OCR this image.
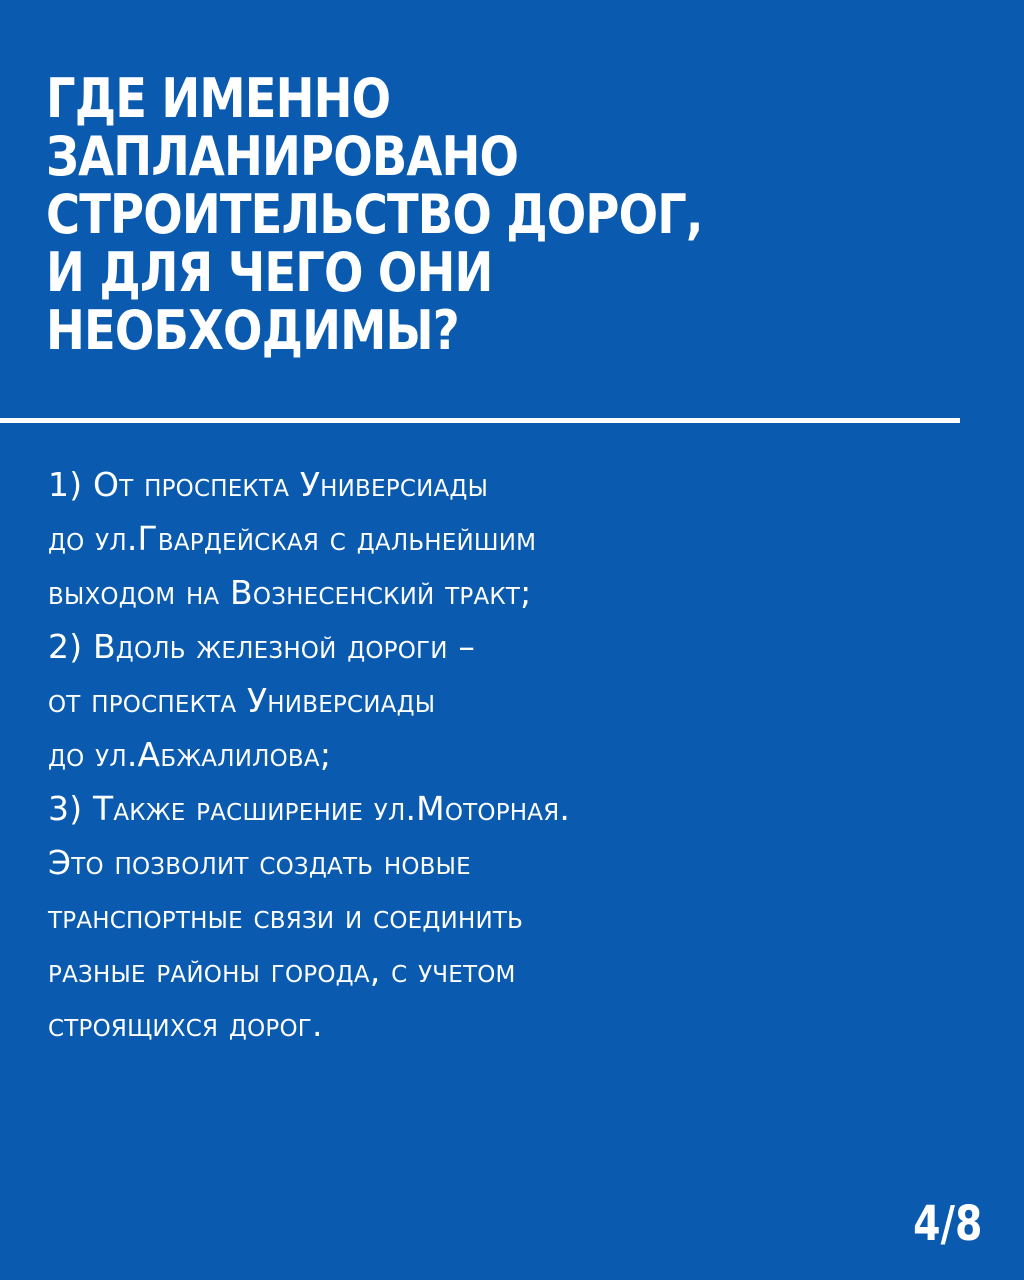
ГДЕ ИМЕННО
ЗАПЛАНИРОВАНО
СТРОИТЕЛЬСТВО ДОРОГ,
И ДЛЯ ЧЕГО ОНИ
НЕОБХОДИМЫ?
1) От проспекта Универсиады
до ул.Гвардейская с дальнейшим
выходом на Вознесенский тракт;
2) Вдоль железной дороги –
от проспекта Универсиады
до ул.Абжалилова;
3) Также расширение ул.Моторная.
Это позволит создать новые
транспортные связи и соединить
разные районы города, с учетом
строящихся дорог.
4/8
